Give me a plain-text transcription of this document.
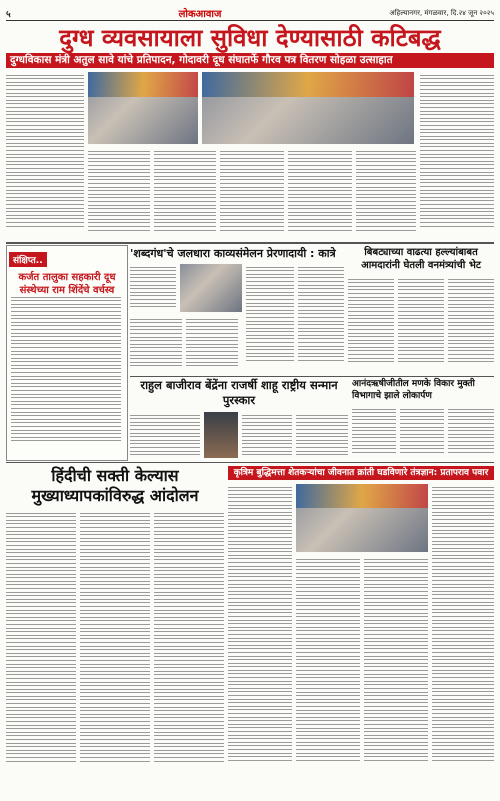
५	लोकआवाज	अहिल्यानगर, मंगळवार, दि.२४ जून २०२५
दुग्ध व्यवसायाला सुविधा देण्यासाठी कटिबद्ध
दुग्धविकास मंत्री अतुल सावे यांचे प्रतिपादन, गोदावरी दूध संघातर्फे गौरव पत्र वितरण सोहळा उत्साहात
संक्षिप्त..
कर्जत तालुका सहकारी दूध संस्थेच्या राम शिंदेंचे वर्चस्व
'शब्दगंध'चे जलधारा काव्यसंमेलन प्रेरणादायी : कात्रे	बिबट्याच्या वाढत्या हल्ल्यांबाबत आमदारांनी घेतली वनमंत्र्यांची भेट
राहुल बाजीराव बेंद्रेंना राजर्षी शाहू राष्ट्रीय सन्मान पुरस्कार
आनंदऋषीजीतील मणके विकार मुक्ती विभागाचे झाले लोकार्पण
हिंदीची सक्ती केल्यास मुख्याध्यापकांविरुद्ध आंदोलन
कृत्रिम बुद्धिमत्ता शेतकऱ्यांचा जीवनात क्रांती घडविणारे तंत्रज्ञान: प्रतापराव पवार
